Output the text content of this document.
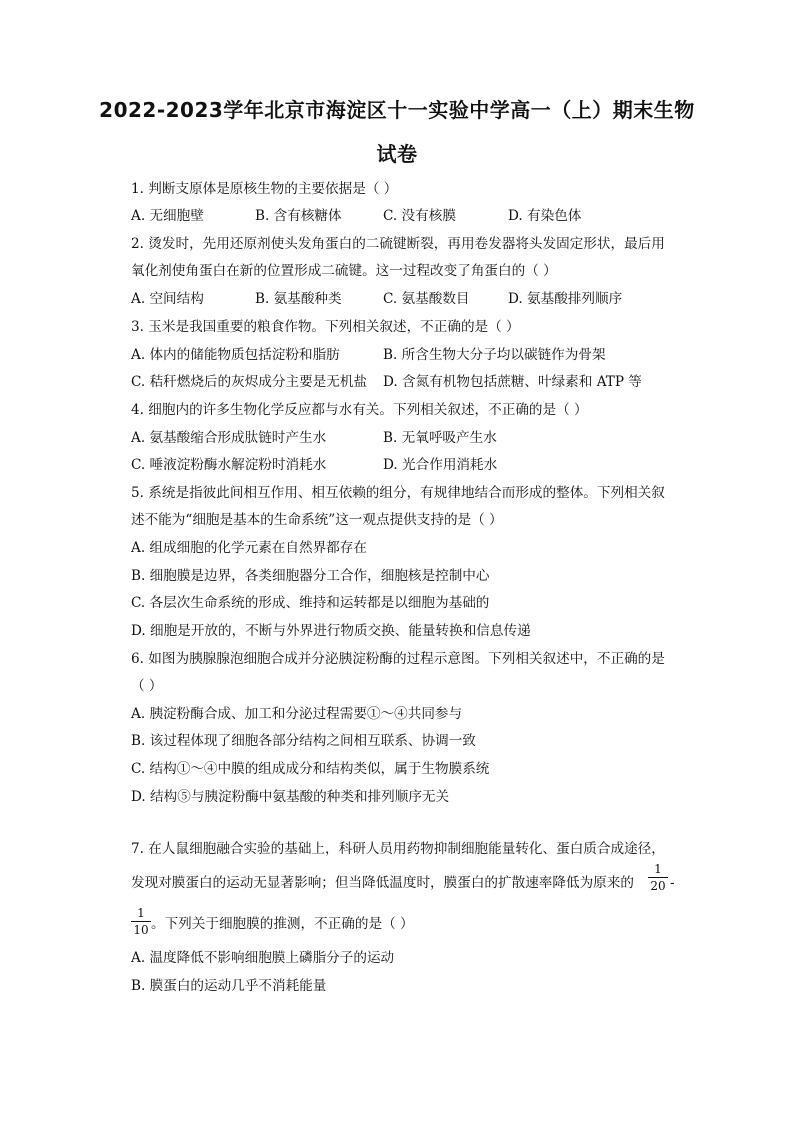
2022-2023学年北京市海淀区十一实验中学高一（上）期末生物
试卷
1. 判断支原体是原核生物的主要依据是（ ）
A. 无细胞壁	B. 含有核糖体	C. 没有核膜	D. 有染色体
2. 烫发时，先用还原剂使头发角蛋白的二硫键断裂，再用卷发器将头发固定形状，最后用
氧化剂使角蛋白在新的位置形成二硫键。这一过程改变了角蛋白的（ ）
A. 空间结构	B. 氨基酸种类	C. 氨基酸数目	D. 氨基酸排列顺序
3. 玉米是我国重要的粮食作物。下列相关叙述，不正确的是（ ）
A. 体内的储能物质包括淀粉和脂肪	B. 所含生物大分子均以碳链作为骨架
C. 秸秆燃烧后的灰烬成分主要是无机盐 D. 含氮有机物包括蔗糖、叶绿素和 ATP 等
4. 细胞内的许多生物化学反应都与水有关。下列相关叙述，不正确的是（ ）
A. 氨基酸缩合形成肽链时产生水	B. 无氧呼吸产生水
C. 唾液淀粉酶水解淀粉时消耗水	D. 光合作用消耗水
5. 系统是指彼此间相互作用、相互依赖的组分，有规律地结合而形成的整体。下列相关叙
述不能为“细胞是基本的生命系统”这一观点提供支持的是（ ）
A. 组成细胞的化学元素在自然界都存在
B. 细胞膜是边界，各类细胞器分工合作，细胞核是控制中心
C. 各层次生命系统的形成、维持和运转都是以细胞为基础的
D. 细胞是开放的，不断与外界进行物质交换、能量转换和信息传递
6. 如图为胰腺腺泡细胞合成并分泌胰淀粉酶的过程示意图。下列相关叙述中，不正确的是
（ ）
A. 胰淀粉酶合成、加工和分泌过程需要①～④共同参与
B. 该过程体现了细胞各部分结构之间相互联系、协调一致
C. 结构①～④中膜的组成成分和结构类似，属于生物膜系统
D. 结构⑤与胰淀粉酶中氨基酸的种类和排列顺序无关
7. 在人鼠细胞融合实验的基础上，科研人员用药物抑制细胞能量转化、蛋白质合成途径，
发现对膜蛋白的运动无显著影响；但当降低温度时，膜蛋白的扩散速率降低为原来的
1
20 -
1
10 。下列关于细胞膜的推测，不正确的是（ ）
A. 温度降低不影响细胞膜上磷脂分子的运动
B. 膜蛋白的运动几乎不消耗能量
